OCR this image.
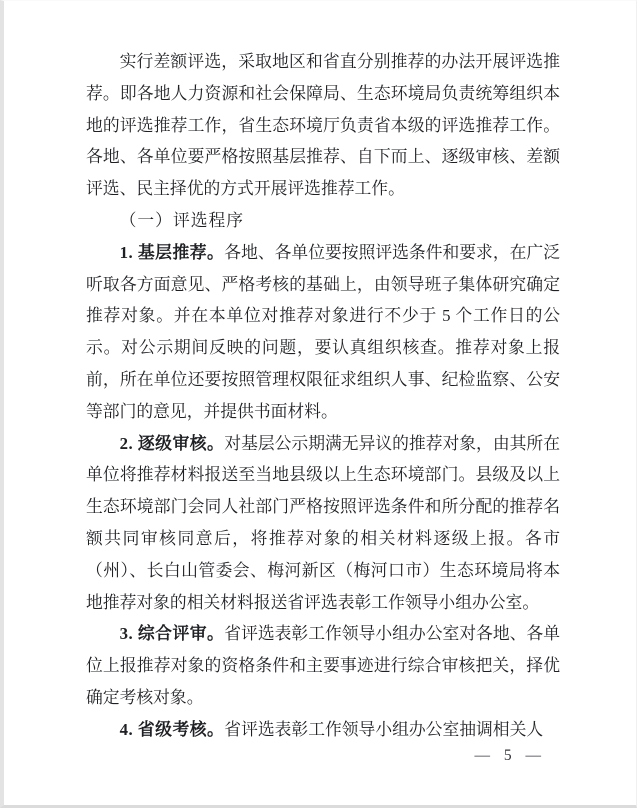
实行差额评选，采取地区和省直分别推荐的办法开展评选推荐。即各地人力资源和社会保障局、生态环境局负责统筹组织本地的评选推荐工作，省生态环境厅负责省本级的评选推荐工作。各地、各单位要严格按照基层推荐、自下而上、逐级审核、差额评选、民主择优的方式开展评选推荐工作。

（一）评选程序

1. 基层推荐。各地、各单位要按照评选条件和要求，在广泛听取各方面意见、严格考核的基础上，由领导班子集体研究确定推荐对象。并在本单位对推荐对象进行不少于 5 个工作日的公示。对公示期间反映的问题，要认真组织核查。推荐对象上报前，所在单位还要按照管理权限征求组织人事、纪检监察、公安等部门的意见，并提供书面材料。

2. 逐级审核。对基层公示期满无异议的推荐对象，由其所在单位将推荐材料报送至当地县级以上生态环境部门。县级及以上生态环境部门会同人社部门严格按照评选条件和所分配的推荐名额共同审核同意后，将推荐对象的相关材料逐级上报。各市（州）、长白山管委会、梅河新区（梅河口市）生态环境局将本地推荐对象的相关材料报送省评选表彰工作领导小组办公室。

3. 综合评审。省评选表彰工作领导小组办公室对各地、各单位上报推荐对象的资格条件和主要事迹进行综合审核把关，择优确定考核对象。

4. 省级考核。省评选表彰工作领导小组办公室抽调相关人

— 5 —
